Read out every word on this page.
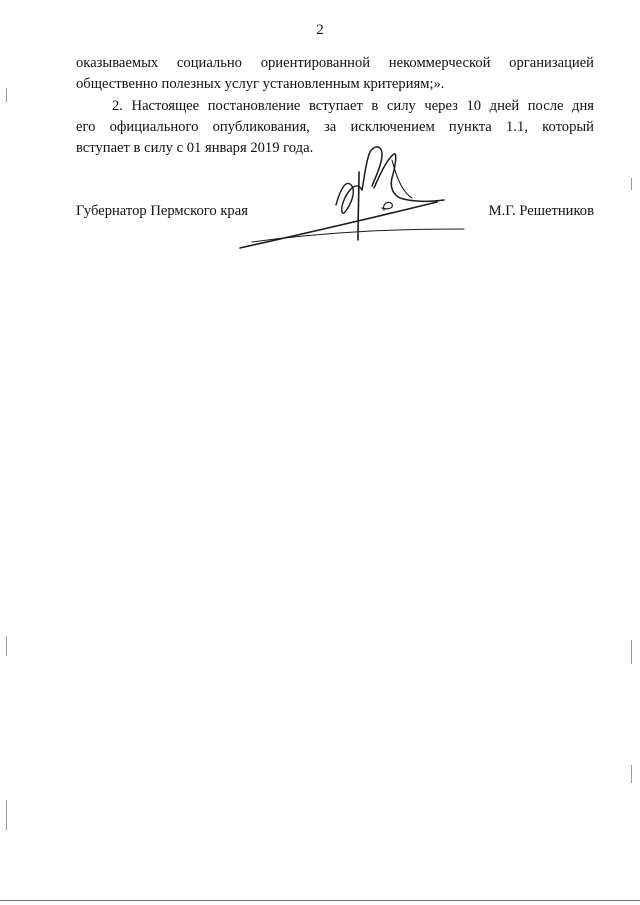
2

оказываемых социально ориентированной некоммерческой организацией

общественно полезных услуг установленным критериям;».

2. Настоящее постановление вступает в силу через 10 дней после дня

его официального опубликования, за исключением пункта 1.1, который

вступает в силу с 01 января 2019 года.

Губернатор Пермского края	М.Г. Решетников
